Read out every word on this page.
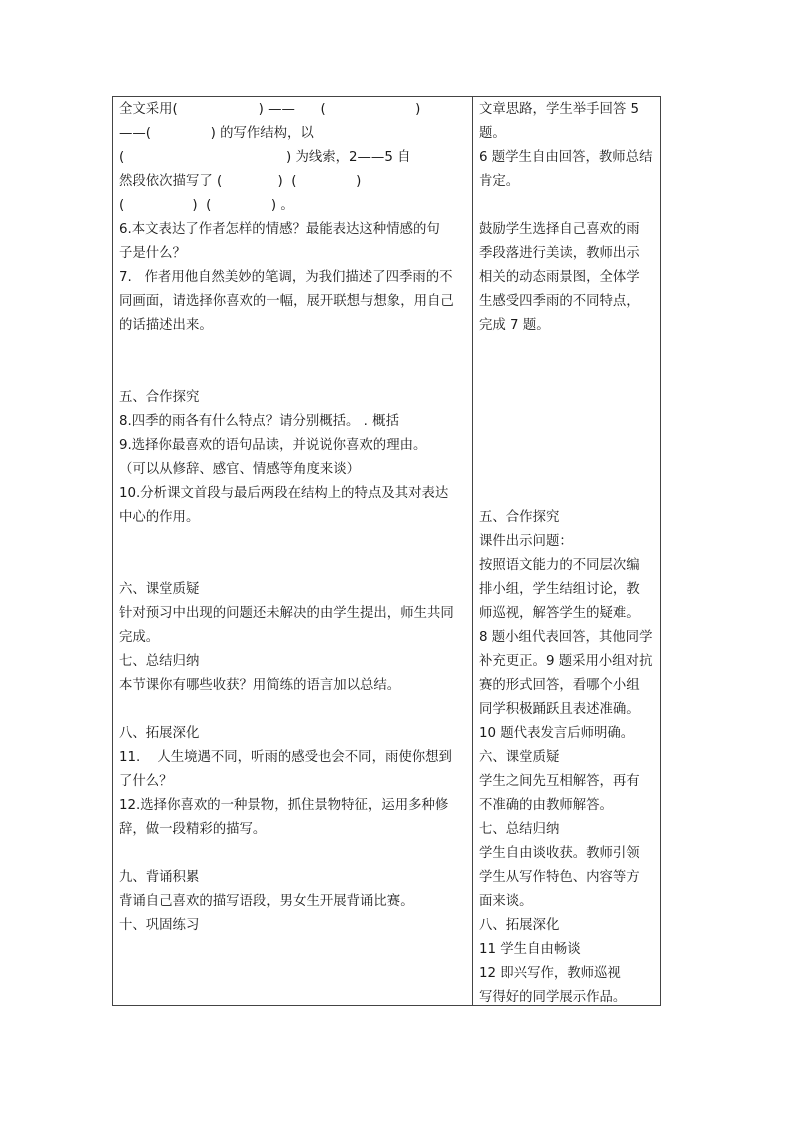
全文采用(                   ) ——      (                     )
——(              ) 的写作结构，以
(                                      ) 为线索，2——5 自
然段依次描写了 (             )  (              )
(                )  (              ) 。
6.本文表达了作者怎样的情感？最能表达这种情感的句
子是什么？
7.   作者用他自然美妙的笔调，为我们描述了四季雨的不
同画面，请选择你喜欢的一幅，展开联想与想象，用自己
的话描述出来。
五、合作探究
8.四季的雨各有什么特点？请分别概括。 . 概括
9.选择你最喜欢的语句品读，并说说你喜欢的理由。
（可以从修辞、感官、情感等角度来谈）
10.分析课文首段与最后两段在结构上的特点及其对表达
中心的作用。
六、课堂质疑
针对预习中出现的问题还未解决的由学生提出，师生共同
完成。
七、总结归纳
本节课你有哪些收获？用简练的语言加以总结。
八、拓展深化
11.    人生境遇不同，听雨的感受也会不同，雨使你想到
了什么？
12.选择你喜欢的一种景物，抓住景物特征，运用多种修
辞，做一段精彩的描写。
九、背诵积累
背诵自己喜欢的描写语段，男女生开展背诵比赛。
十、巩固练习
文章思路，学生举手回答 5
题。
6 题学生自由回答，教师总结
肯定。
鼓励学生选择自己喜欢的雨
季段落进行美读，教师出示
相关的动态雨景图，全体学
生感受四季雨的不同特点，
完成 7 题。
五、合作探究
课件出示问题：
按照语文能力的不同层次编
排小组，学生结组讨论，教
师巡视，解答学生的疑难。
8 题小组代表回答，其他同学
补充更正。9 题采用小组对抗
赛的形式回答，看哪个小组
同学积极踊跃且表述准确。
10 题代表发言后师明确。
六、课堂质疑
学生之间先互相解答，再有
不准确的由教师解答。
七、总结归纳
学生自由谈收获。教师引领
学生从写作特色、内容等方
面来谈。
八、拓展深化
11 学生自由畅谈
12 即兴写作，教师巡视
写得好的同学展示作品。
